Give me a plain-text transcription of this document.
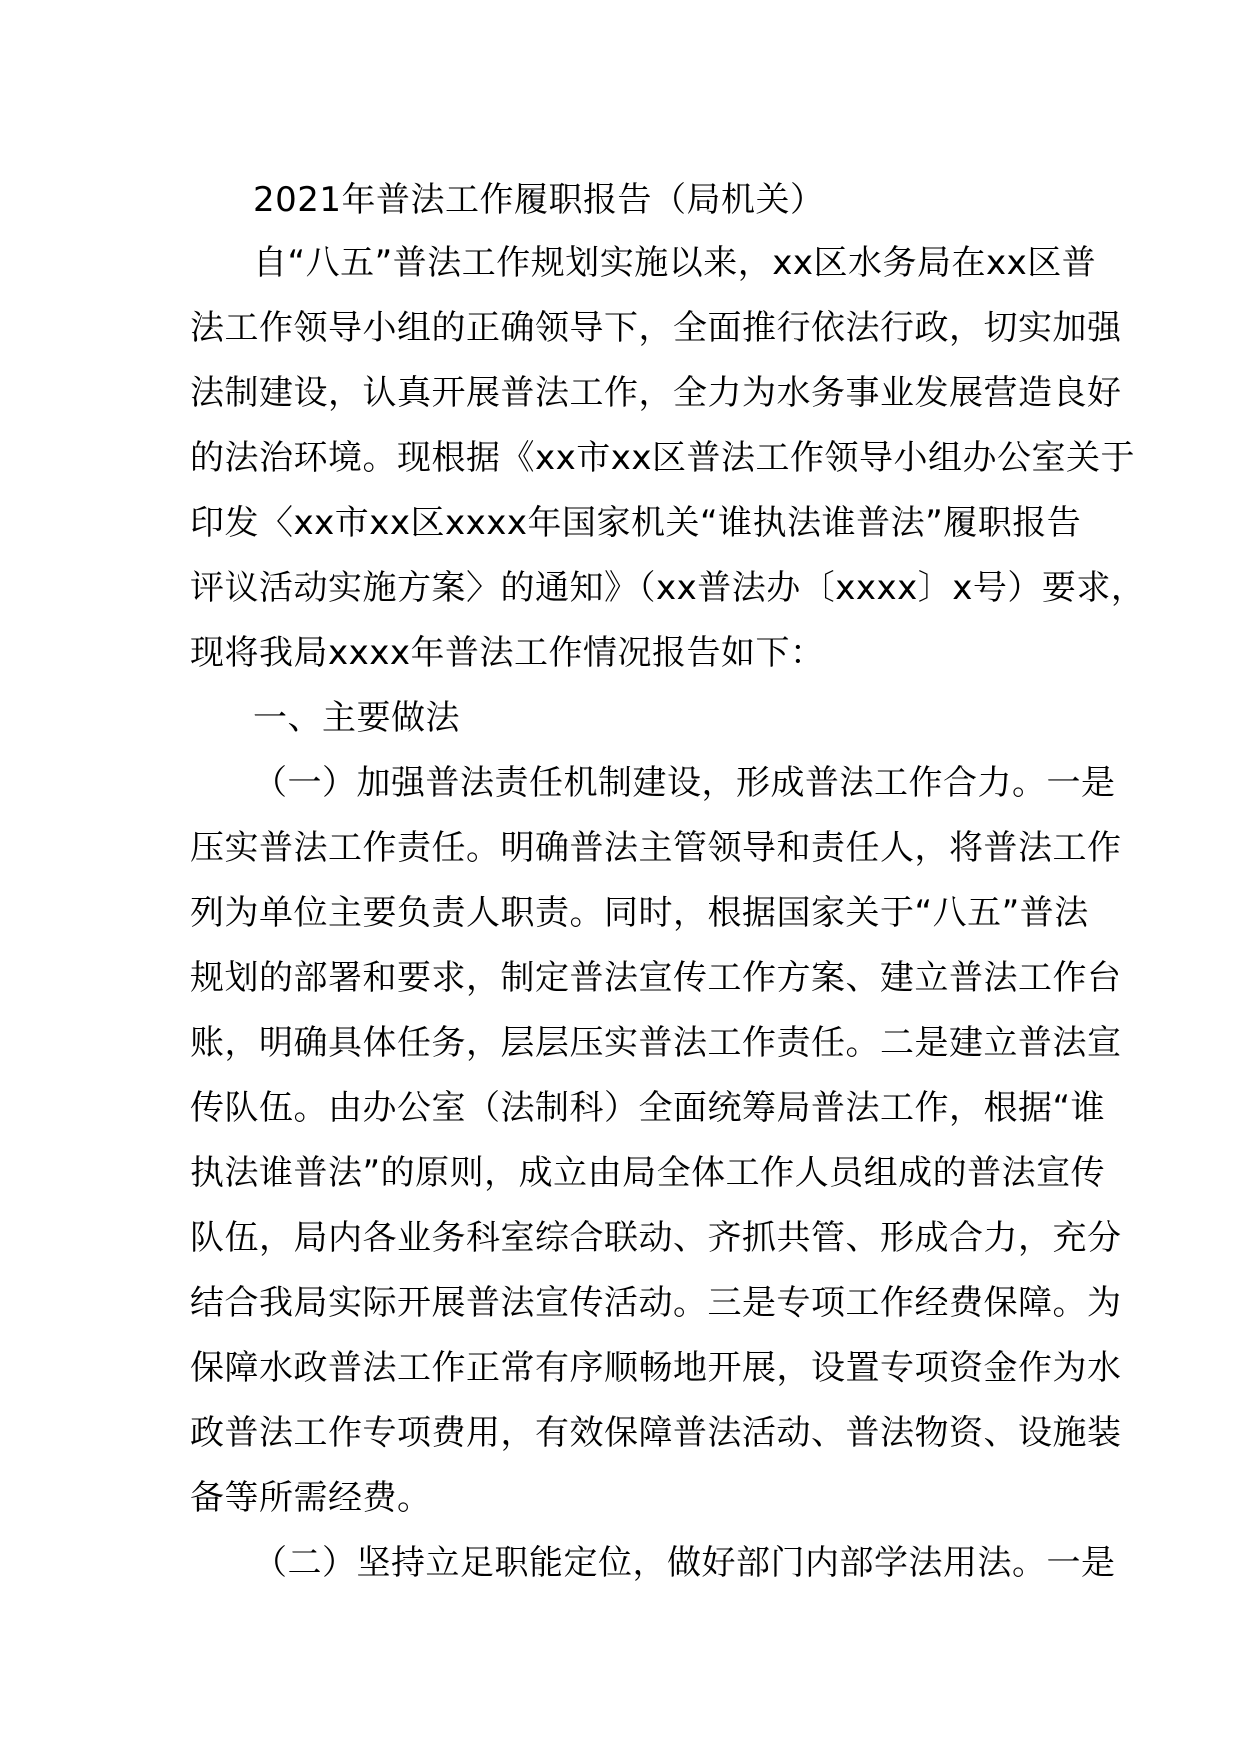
2021年普法工作履职报告（局机关）
自“八五”普法工作规划实施以来，xx区水务局在xx区普
法工作领导小组的正确领导下，全面推行依法行政，切实加强
法制建设，认真开展普法工作，全力为水务事业发展营造良好
的法治环境。现根据《xx市xx区普法工作领导小组办公室关于
印发〈xx市xx区xxxx年国家机关“谁执法谁普法”履职报告
评议活动实施方案〉的通知》（xx普法办〔xxxx〕x号）要求，
现将我局xxxx年普法工作情况报告如下：
一、主要做法
（一）加强普法责任机制建设，形成普法工作合力。一是
压实普法工作责任。明确普法主管领导和责任人，将普法工作
列为单位主要负责人职责。同时，根据国家关于“八五”普法
规划的部署和要求，制定普法宣传工作方案、建立普法工作台
账，明确具体任务，层层压实普法工作责任。二是建立普法宣
传队伍。由办公室（法制科）全面统筹局普法工作，根据“谁
执法谁普法”的原则，成立由局全体工作人员组成的普法宣传
队伍，局内各业务科室综合联动、齐抓共管、形成合力，充分
结合我局实际开展普法宣传活动。三是专项工作经费保障。为
保障水政普法工作正常有序顺畅地开展，设置专项资金作为水
政普法工作专项费用，有效保障普法活动、普法物资、设施装
备等所需经费。
（二）坚持立足职能定位，做好部门内部学法用法。一是
